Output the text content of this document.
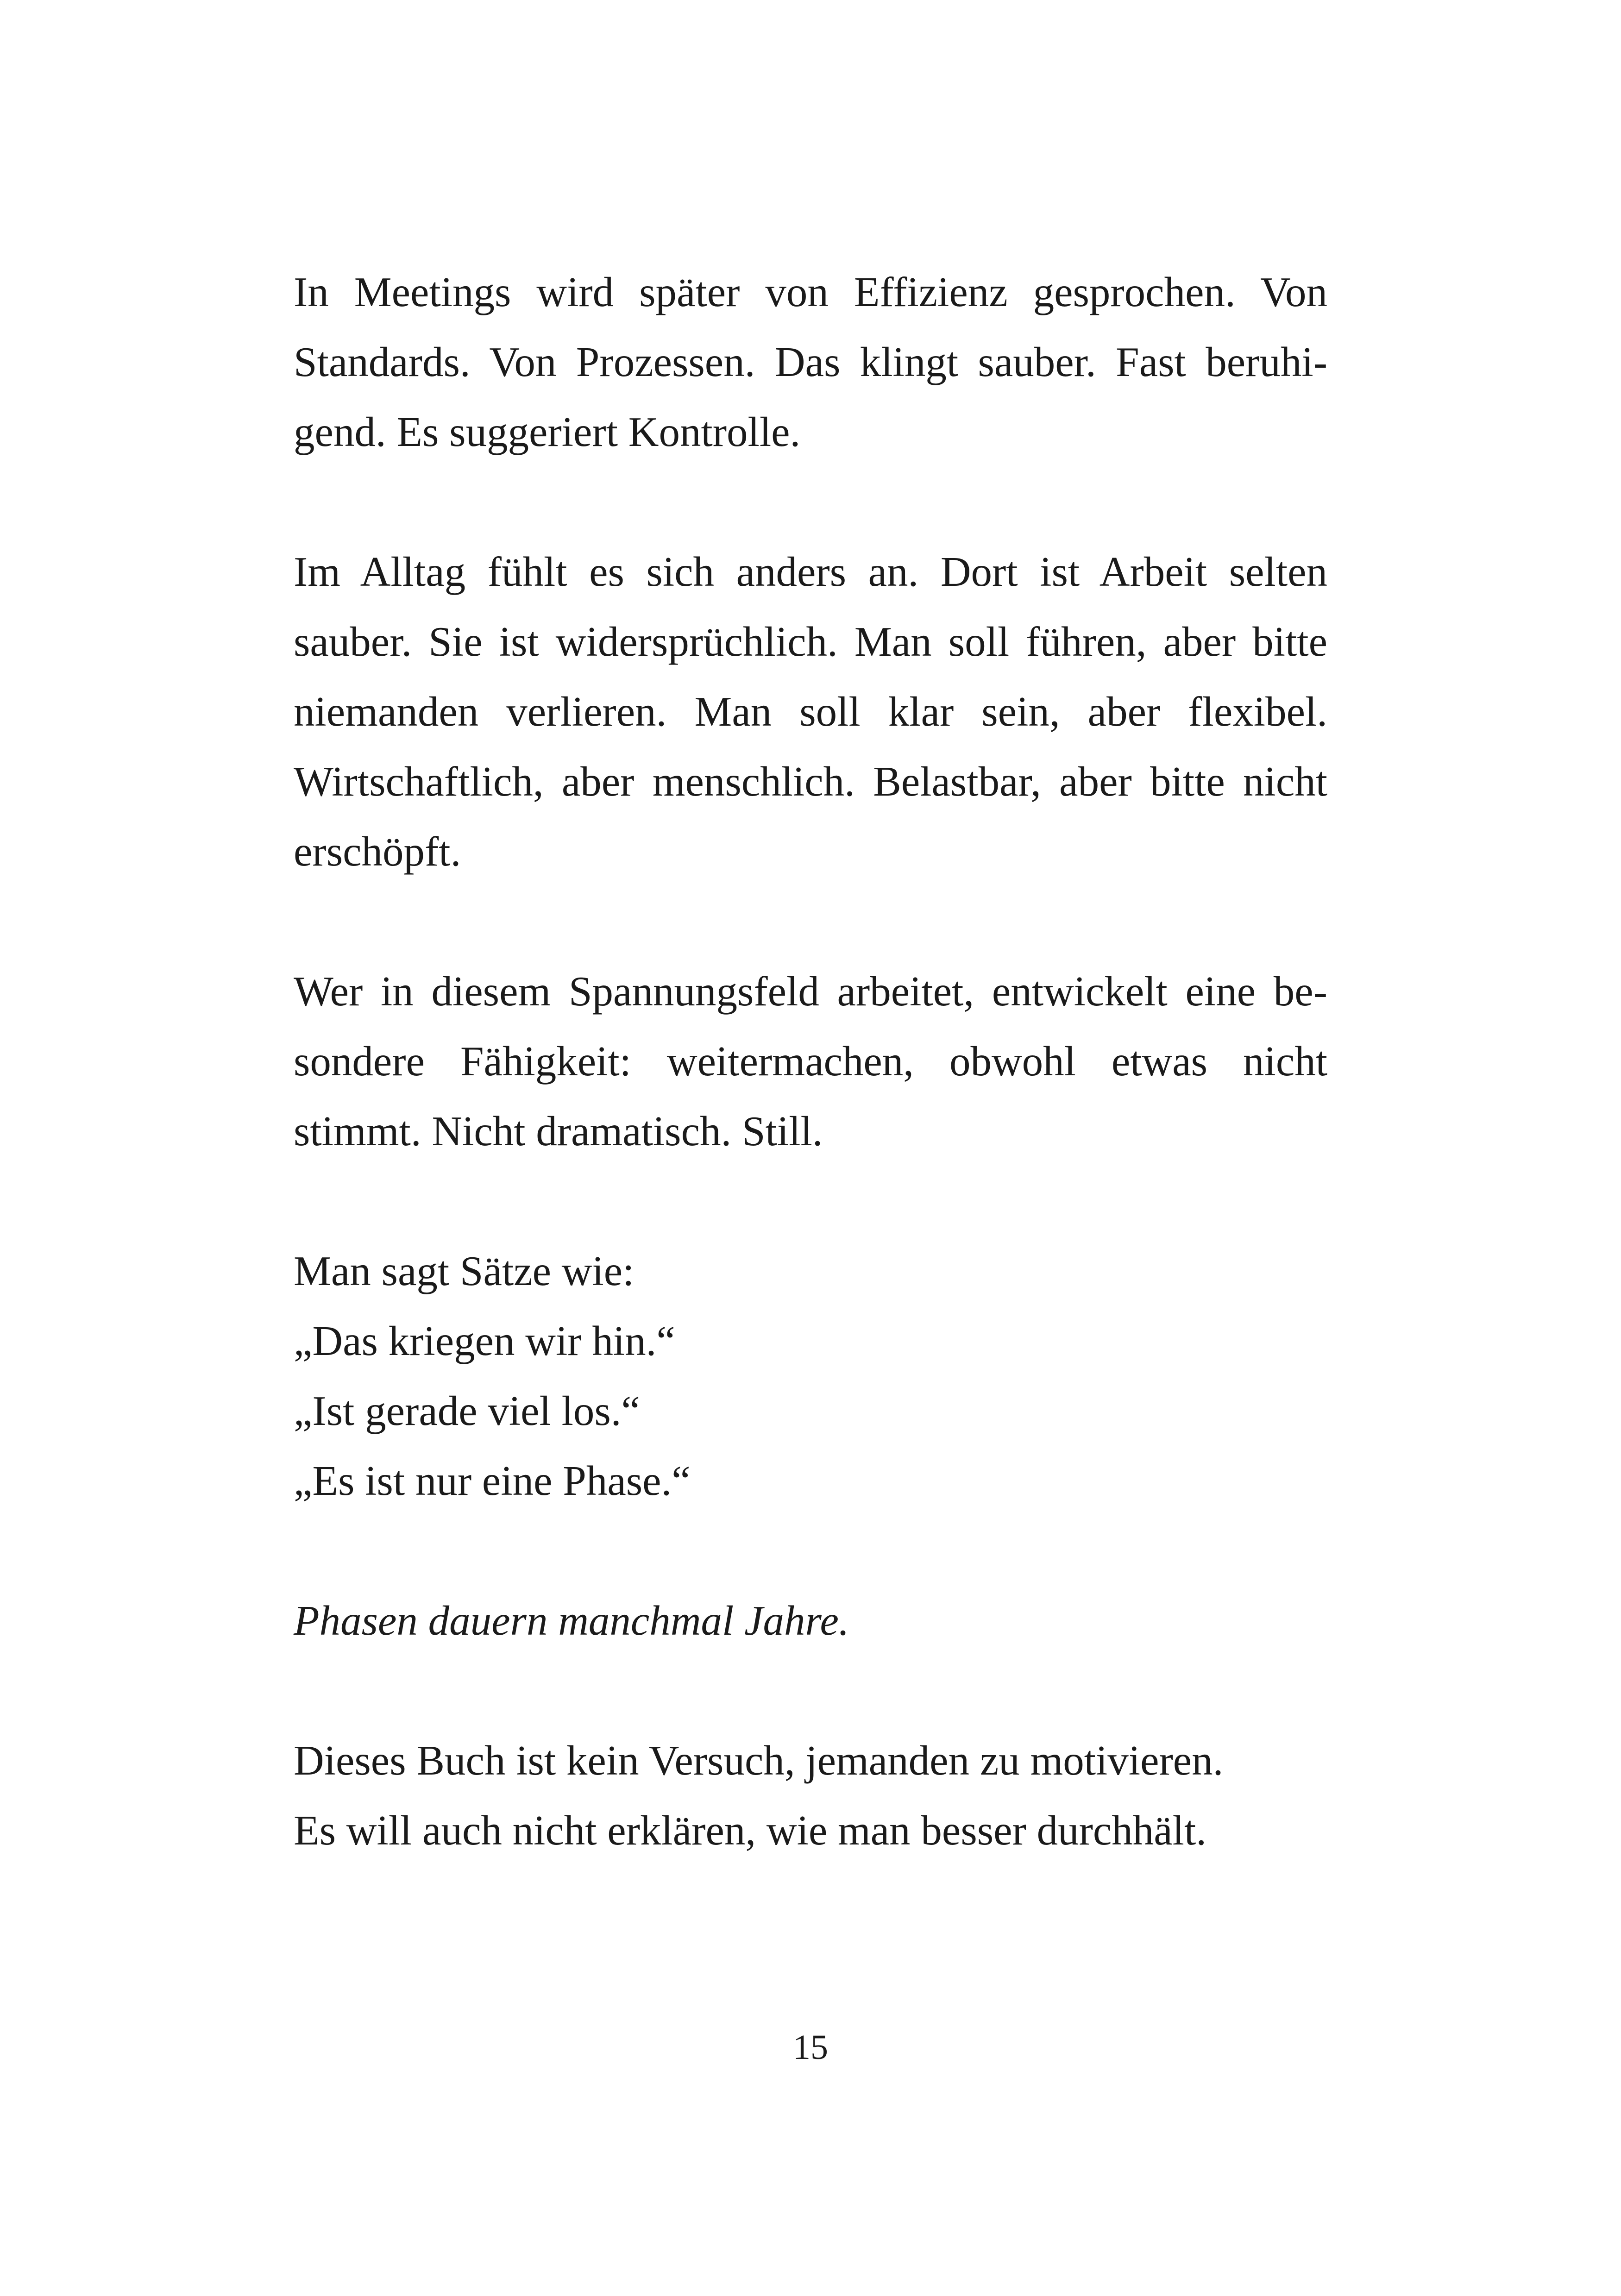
In Meetings wird später von Effizienz gesprochen. Von
Standards. Von Prozessen. Das klingt sauber. Fast beruhi-
gend. Es suggeriert Kontrolle.

Im Alltag fühlt es sich anders an. Dort ist Arbeit selten
sauber. Sie ist widersprüchlich. Man soll führen, aber bitte
niemanden verlieren. Man soll klar sein, aber flexibel.
Wirtschaftlich, aber menschlich. Belastbar, aber bitte nicht
erschöpft.

Wer in diesem Spannungsfeld arbeitet, entwickelt eine be-
sondere Fähigkeit: weitermachen, obwohl etwas nicht
stimmt. Nicht dramatisch. Still.

Man sagt Sätze wie:
„Das kriegen wir hin.“
„Ist gerade viel los.“
„Es ist nur eine Phase.“

Phasen dauern manchmal Jahre.

Dieses Buch ist kein Versuch, jemanden zu motivieren.
Es will auch nicht erklären, wie man besser durchhält.

15
